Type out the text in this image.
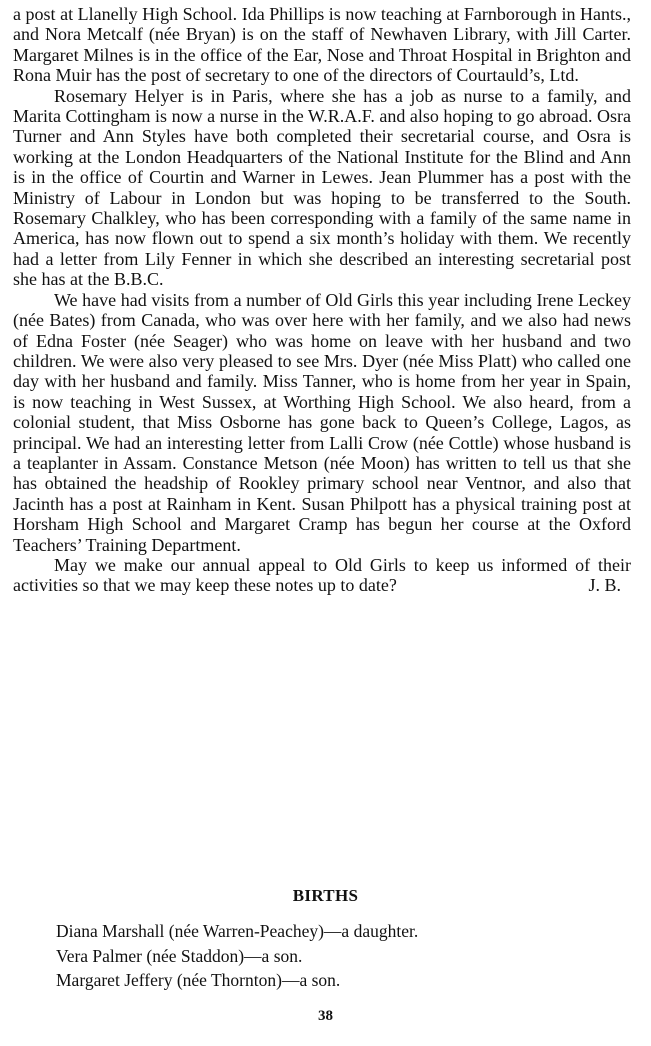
a post at Llanelly High School. Ida Phillips is now teaching at Farnborough in Hants., and Nora Metcalf (née Bryan) is on the staff of Newhaven Library, with Jill Carter. Margaret Milnes is in the office of the Ear, Nose and Throat Hospital in Brighton and Rona Muir has the post of secretary to one of the directors of Courtauld’s, Ltd.

Rosemary Helyer is in Paris, where she has a job as nurse to a family, and Marita Cottingham is now a nurse in the W.R.A.F. and also hoping to go abroad. Osra Turner and Ann Styles have both completed their secretarial course, and Osra is working at the London Headquarters of the National Institute for the Blind and Ann is in the office of Courtin and Warner in Lewes. Jean Plummer has a post with the Ministry of Labour in London but was hoping to be transferred to the South. Rosemary Chalkley, who has been corresponding with a family of the same name in America, has now flown out to spend a six month’s holiday with them. We recently had a letter from Lily Fenner in which she described an interesting secretarial post she has at the B.B.C.

We have had visits from a number of Old Girls this year including Irene Leckey (née Bates) from Canada, who was over here with her family, and we also had news of Edna Foster (née Seager) who was home on leave with her husband and two children. We were also very pleased to see Mrs. Dyer (née Miss Platt) who called one day with her husband and family. Miss Tanner, who is home from her year in Spain, is now teaching in West Sussex, at Worthing High School. We also heard, from a colonial student, that Miss Osborne has gone back to Queen’s College, Lagos, as principal. We had an interesting letter from Lalli Crow (née Cottle) whose husband is a teaplanter in Assam. Constance Metson (née Moon) has written to tell us that she has obtained the headship of Rookley primary school near Ventnor, and also that Jacinth has a post at Rainham in Kent. Susan Philpott has a physical training post at Horsham High School and Margaret Cramp has begun her course at the Oxford Teachers’ Training Department.

May we make our annual appeal to Old Girls to keep us informed of their activities so that we may keep these notes up to date?	J. B.

BIRTHS
Diana Marshall (née Warren-Peachey)—a daughter.
Vera Palmer (née Staddon)—a son.
Margaret Jeffery (née Thornton)—a son.
38
